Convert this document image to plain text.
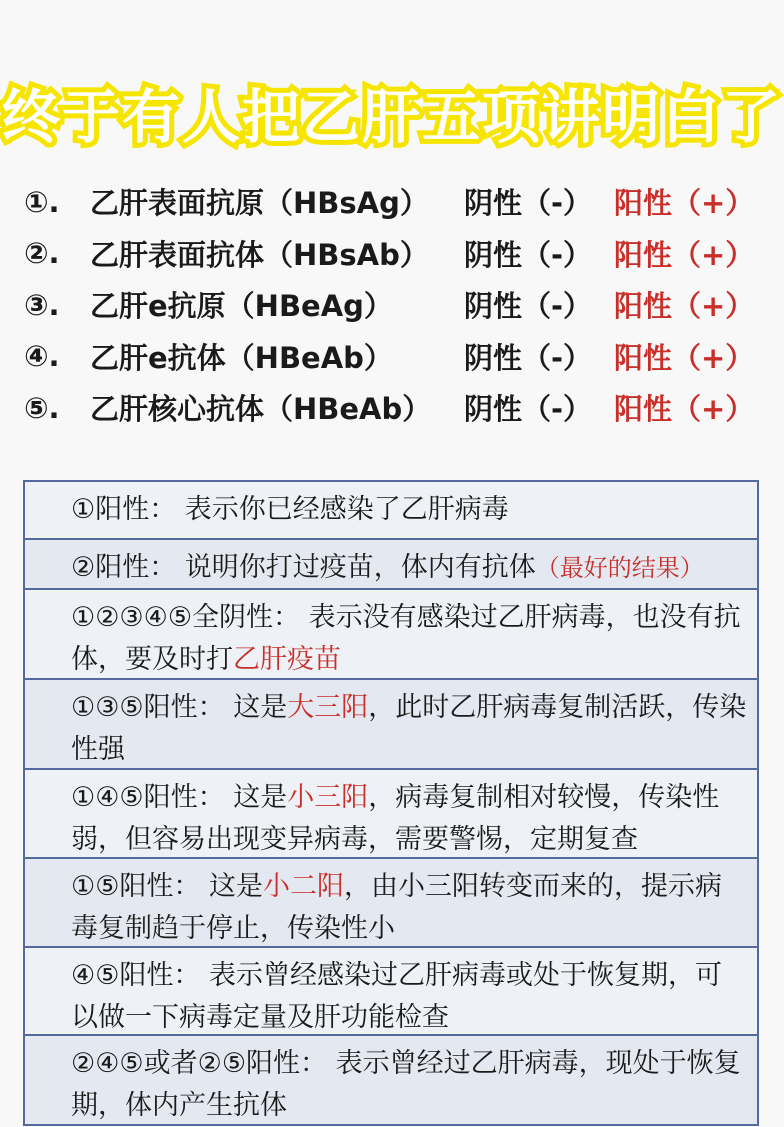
终于有人把乙肝五项讲明白了
①.	乙肝表面抗原（HBsAg）	阴性（-） 阳性（+）
②.	乙肝表面抗体（HBsAb）	阴性（-） 阳性（+）
③.	乙肝e抗原（HBeAg）	阴性（-） 阳性（+）
④.	乙肝e抗体（HBeAb）	阴性（-） 阳性（+）
⑤.	乙肝核心抗体（HBeAb）	阴性（-） 阳性（+）
①阳性： 表示你已经感染了乙肝病毒
②阳性： 说明你打过疫苗，体内有抗体（最好的结果）
①②③④⑤全阴性： 表示没有感染过乙肝病毒，也没有抗体，要及时打乙肝疫苗
①③⑤阳性： 这是大三阳，此时乙肝病毒复制活跃，传染性强
①④⑤阳性： 这是小三阳，病毒复制相对较慢，传染性弱，但容易出现变异病毒，需要警惕，定期复查
①⑤阳性： 这是小二阳，由小三阳转变而来的，提示病毒复制趋于停止，传染性小
④⑤阳性： 表示曾经感染过乙肝病毒或处于恢复期，可以做一下病毒定量及肝功能检查
②④⑤或者②⑤阳性： 表示曾经过乙肝病毒，现处于恢复期，体内产生抗体
